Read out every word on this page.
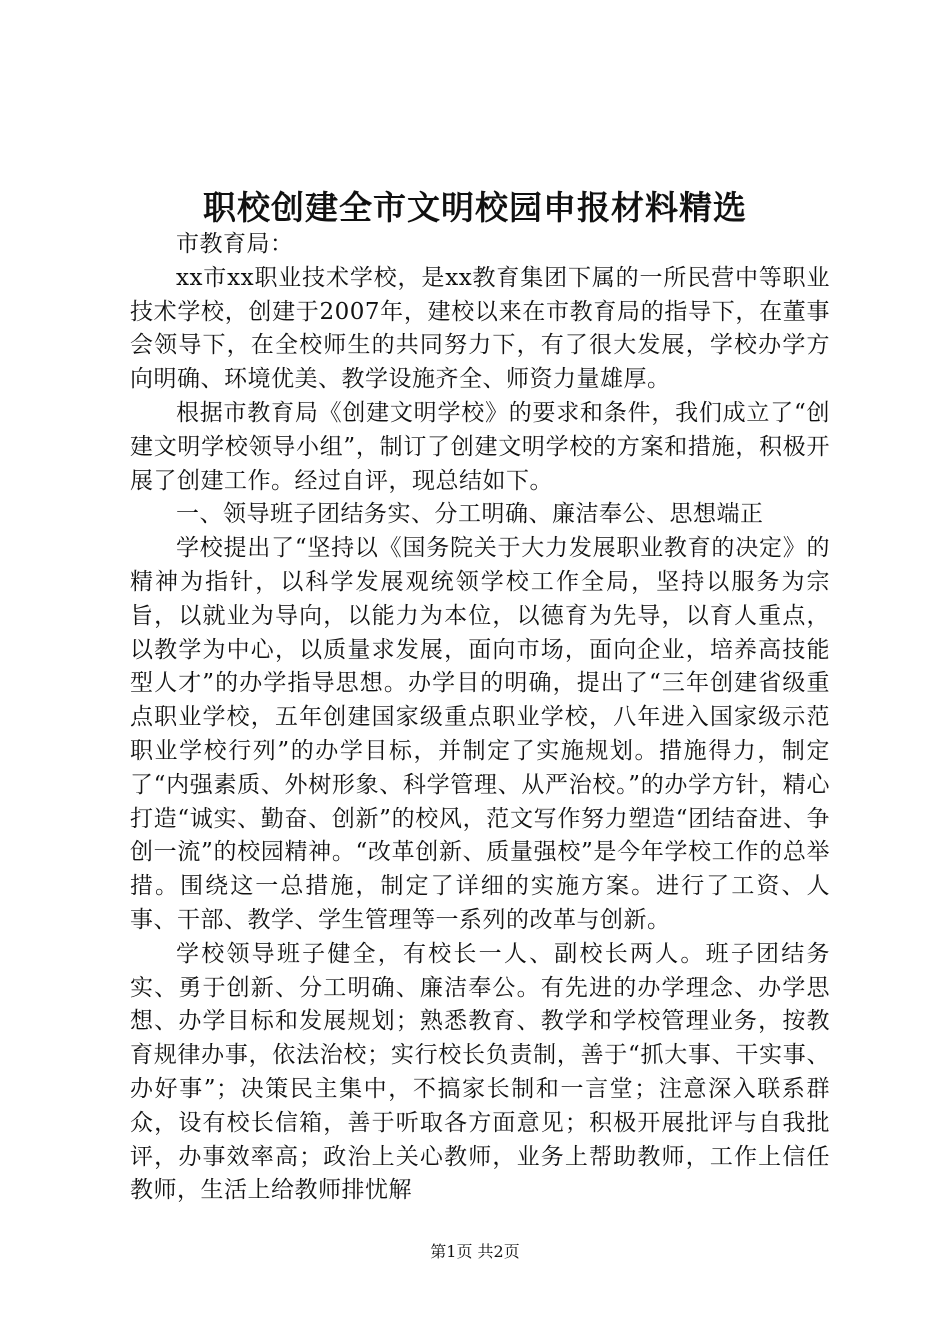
职校创建全市文明校园申报材料精选

市教育局：

xx市xx职业技术学校，是xx教育集团下属的一所民营中等职业技术学校，创建于2007年，建校以来在市教育局的指导下，在董事会领导下，在全校师生的共同努力下，有了很大发展，学校办学方向明确、环境优美、教学设施齐全、师资力量雄厚。

根据市教育局《创建文明学校》的要求和条件，我们成立了“创建文明学校领导小组”，制订了创建文明学校的方案和措施，积极开展了创建工作。经过自评，现总结如下。

一、领导班子团结务实、分工明确、廉洁奉公、思想端正

学校提出了“坚持以《国务院关于大力发展职业教育的决定》的精神为指针，以科学发展观统领学校工作全局，坚持以服务为宗旨，以就业为导向，以能力为本位，以德育为先导，以育人重点，以教学为中心，以质量求发展，面向市场，面向企业，培养高技能型人才”的办学指导思想。办学目的明确，提出了“三年创建省级重点职业学校，五年创建国家级重点职业学校，八年进入国家级示范职业学校行列”的办学目标，并制定了实施规划。措施得力，制定了“内强素质、外树形象、科学管理、从严治校。”的办学方针，精心打造“诚实、勤奋、创新”的校风，范文写作努力塑造“团结奋进、争创一流”的校园精神。“改革创新、质量强校”是今年学校工作的总举措。围绕这一总措施，制定了详细的实施方案。进行了工资、人事、干部、教学、学生管理等一系列的改革与创新。

学校领导班子健全，有校长一人、副校长两人。班子团结务实、勇于创新、分工明确、廉洁奉公。有先进的办学理念、办学思想、办学目标和发展规划；熟悉教育、教学和学校管理业务，按教育规律办事，依法治校；实行校长负责制，善于“抓大事、干实事、办好事”；决策民主集中，不搞家长制和一言堂；注意深入联系群众，设有校长信箱，善于听取各方面意见；积极开展批评与自我批评，办事效率高；政治上关心教师，业务上帮助教师，工作上信任教师，生活上给教师排忧解

第1页 共2页
